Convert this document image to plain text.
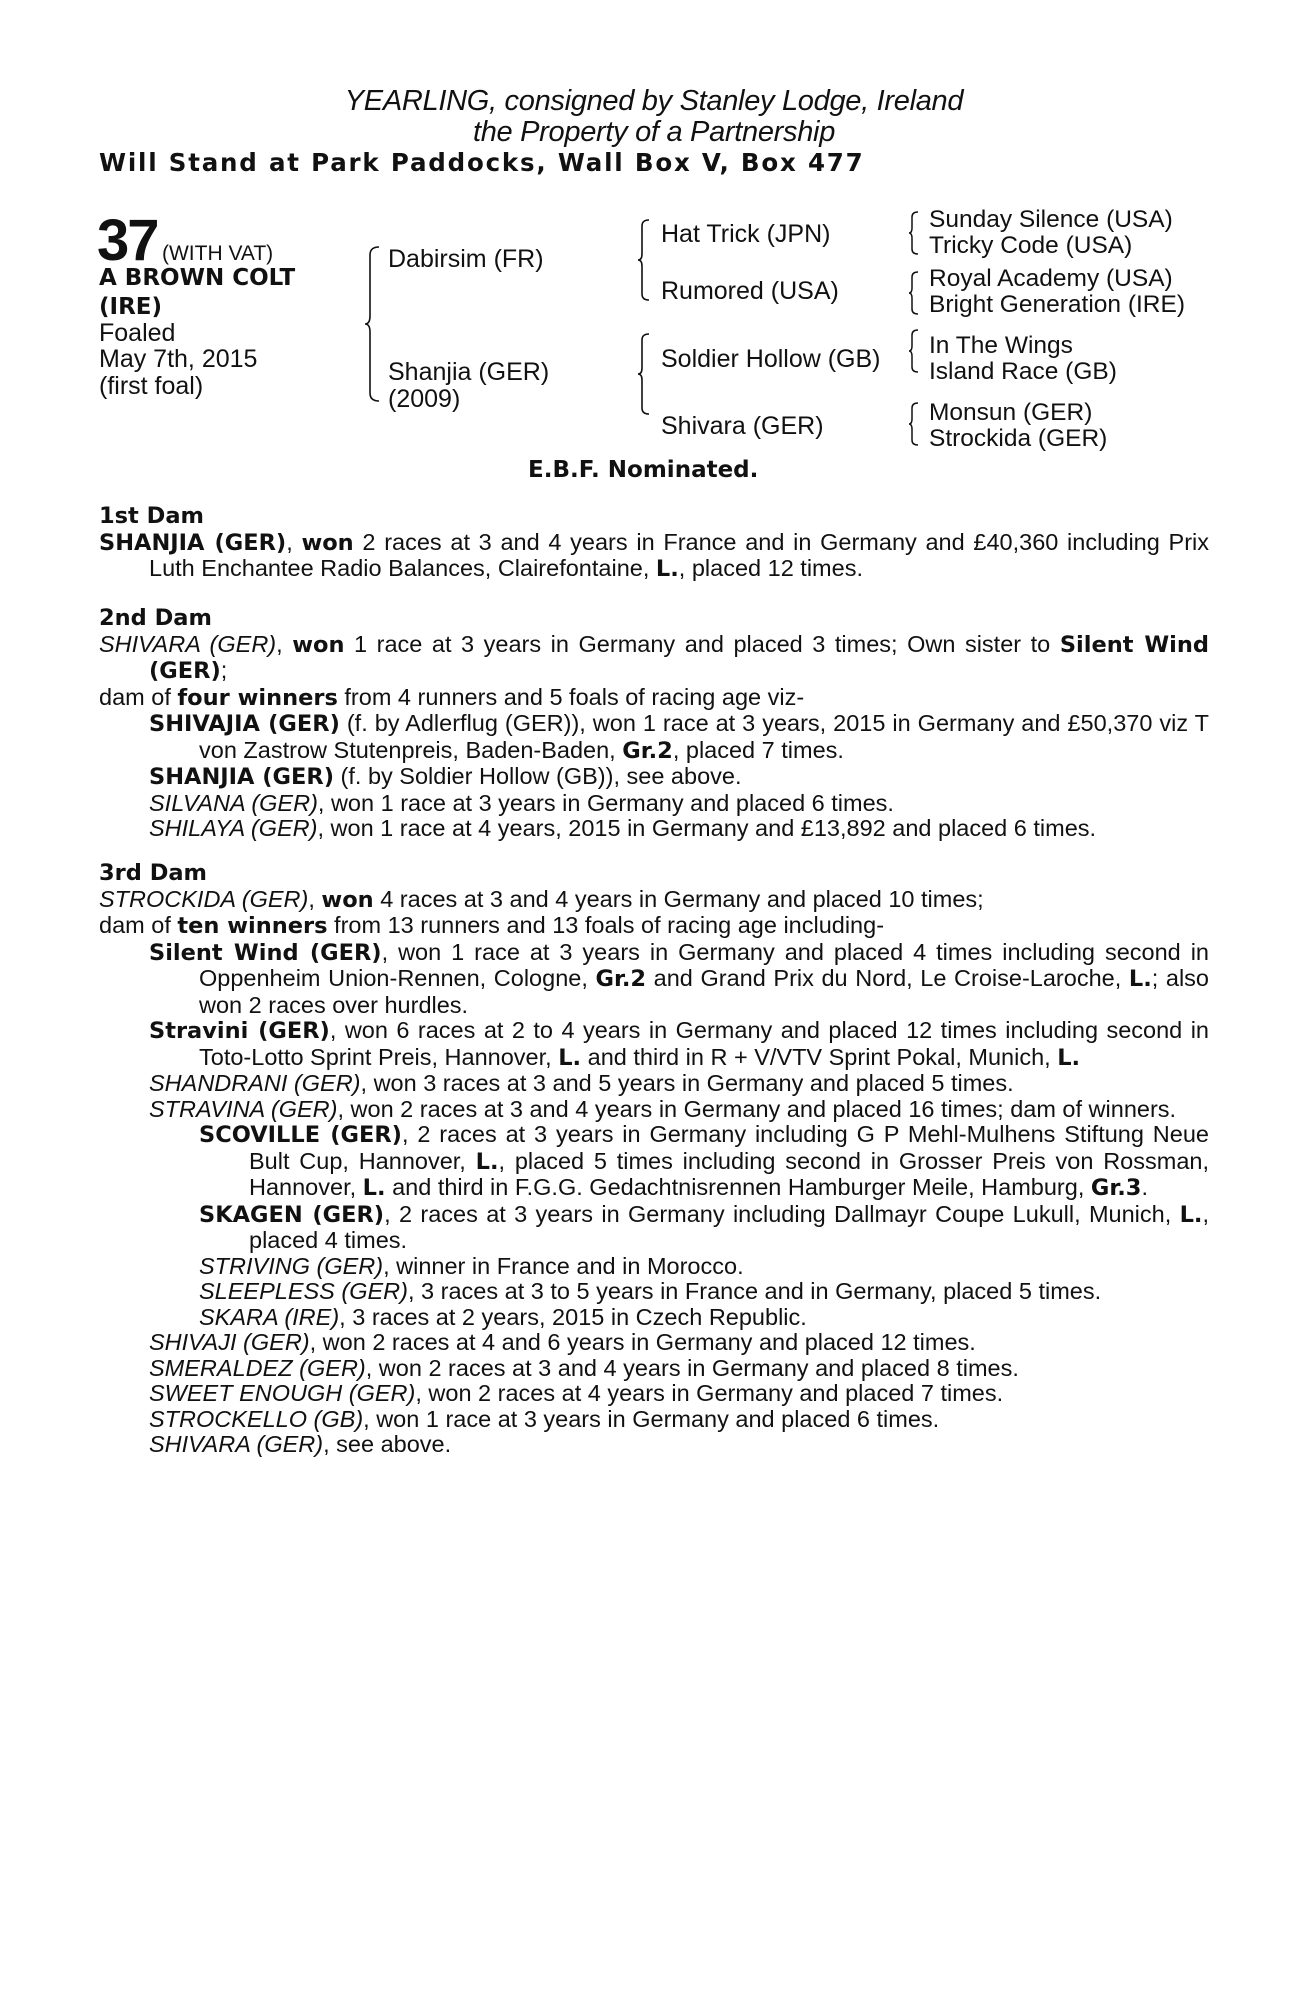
YEARLING, consigned by Stanley Lodge, Ireland
the Property of a Partnership
Will Stand at Park Paddocks, Wall Box V, Box 477
37 (WITH VAT)
A BROWN COLT
(IRE)
Foaled
May 7th, 2015
(first foal)
Dabirsim (FR)
Shanjia (GER)
(2009)
Hat Trick (JPN)
Rumored (USA)
Soldier Hollow (GB)
Shivara (GER)
Sunday Silence (USA)
Tricky Code (USA)
Royal Academy (USA)
Bright Generation (IRE)
In The Wings
Island Race (GB)
Monsun (GER)
Strockida (GER)
E.B.F. Nominated.
1st Dam
SHANJIA (GER), won 2 races at 3 and 4 years in France and in Germany and £40,360 including Prix Luth Enchantee Radio Balances, Clairefontaine, L., placed 12 times.
2nd Dam
SHIVARA (GER), won 1 race at 3 years in Germany and placed 3 times; Own sister to Silent Wind (GER);
dam of four winners from 4 runners and 5 foals of racing age viz-
SHIVAJIA (GER) (f. by Adlerflug (GER)), won 1 race at 3 years, 2015 in Germany and £50,370 viz T von Zastrow Stutenpreis, Baden-Baden, Gr.2, placed 7 times.
SHANJIA (GER) (f. by Soldier Hollow (GB)), see above.
SILVANA (GER), won 1 race at 3 years in Germany and placed 6 times.
SHILAYA (GER), won 1 race at 4 years, 2015 in Germany and £13,892 and placed 6 times.
3rd Dam
STROCKIDA (GER), won 4 races at 3 and 4 years in Germany and placed 10 times;
dam of ten winners from 13 runners and 13 foals of racing age including-
Silent Wind (GER), won 1 race at 3 years in Germany and placed 4 times including second in Oppenheim Union-Rennen, Cologne, Gr.2 and Grand Prix du Nord, Le Croise-Laroche, L.; also won 2 races over hurdles.
Stravini (GER), won 6 races at 2 to 4 years in Germany and placed 12 times including second in Toto-Lotto Sprint Preis, Hannover, L. and third in R + V/VTV Sprint Pokal, Munich, L.
SHANDRANI (GER), won 3 races at 3 and 5 years in Germany and placed 5 times.
STRAVINA (GER), won 2 races at 3 and 4 years in Germany and placed 16 times; dam of winners.
SCOVILLE (GER), 2 races at 3 years in Germany including G P Mehl-Mulhens Stiftung Neue Bult Cup, Hannover, L., placed 5 times including second in Grosser Preis von Rossman, Hannover, L. and third in F.G.G. Gedachtnisrennen Hamburger Meile, Hamburg, Gr.3.
SKAGEN (GER), 2 races at 3 years in Germany including Dallmayr Coupe Lukull, Munich, L., placed 4 times.
STRIVING (GER), winner in France and in Morocco.
SLEEPLESS (GER), 3 races at 3 to 5 years in France and in Germany, placed 5 times.
SKARA (IRE), 3 races at 2 years, 2015 in Czech Republic.
SHIVAJI (GER), won 2 races at 4 and 6 years in Germany and placed 12 times.
SMERALDEZ (GER), won 2 races at 3 and 4 years in Germany and placed 8 times.
SWEET ENOUGH (GER), won 2 races at 4 years in Germany and placed 7 times.
STROCKELLO (GB), won 1 race at 3 years in Germany and placed 6 times.
SHIVARA (GER), see above.
